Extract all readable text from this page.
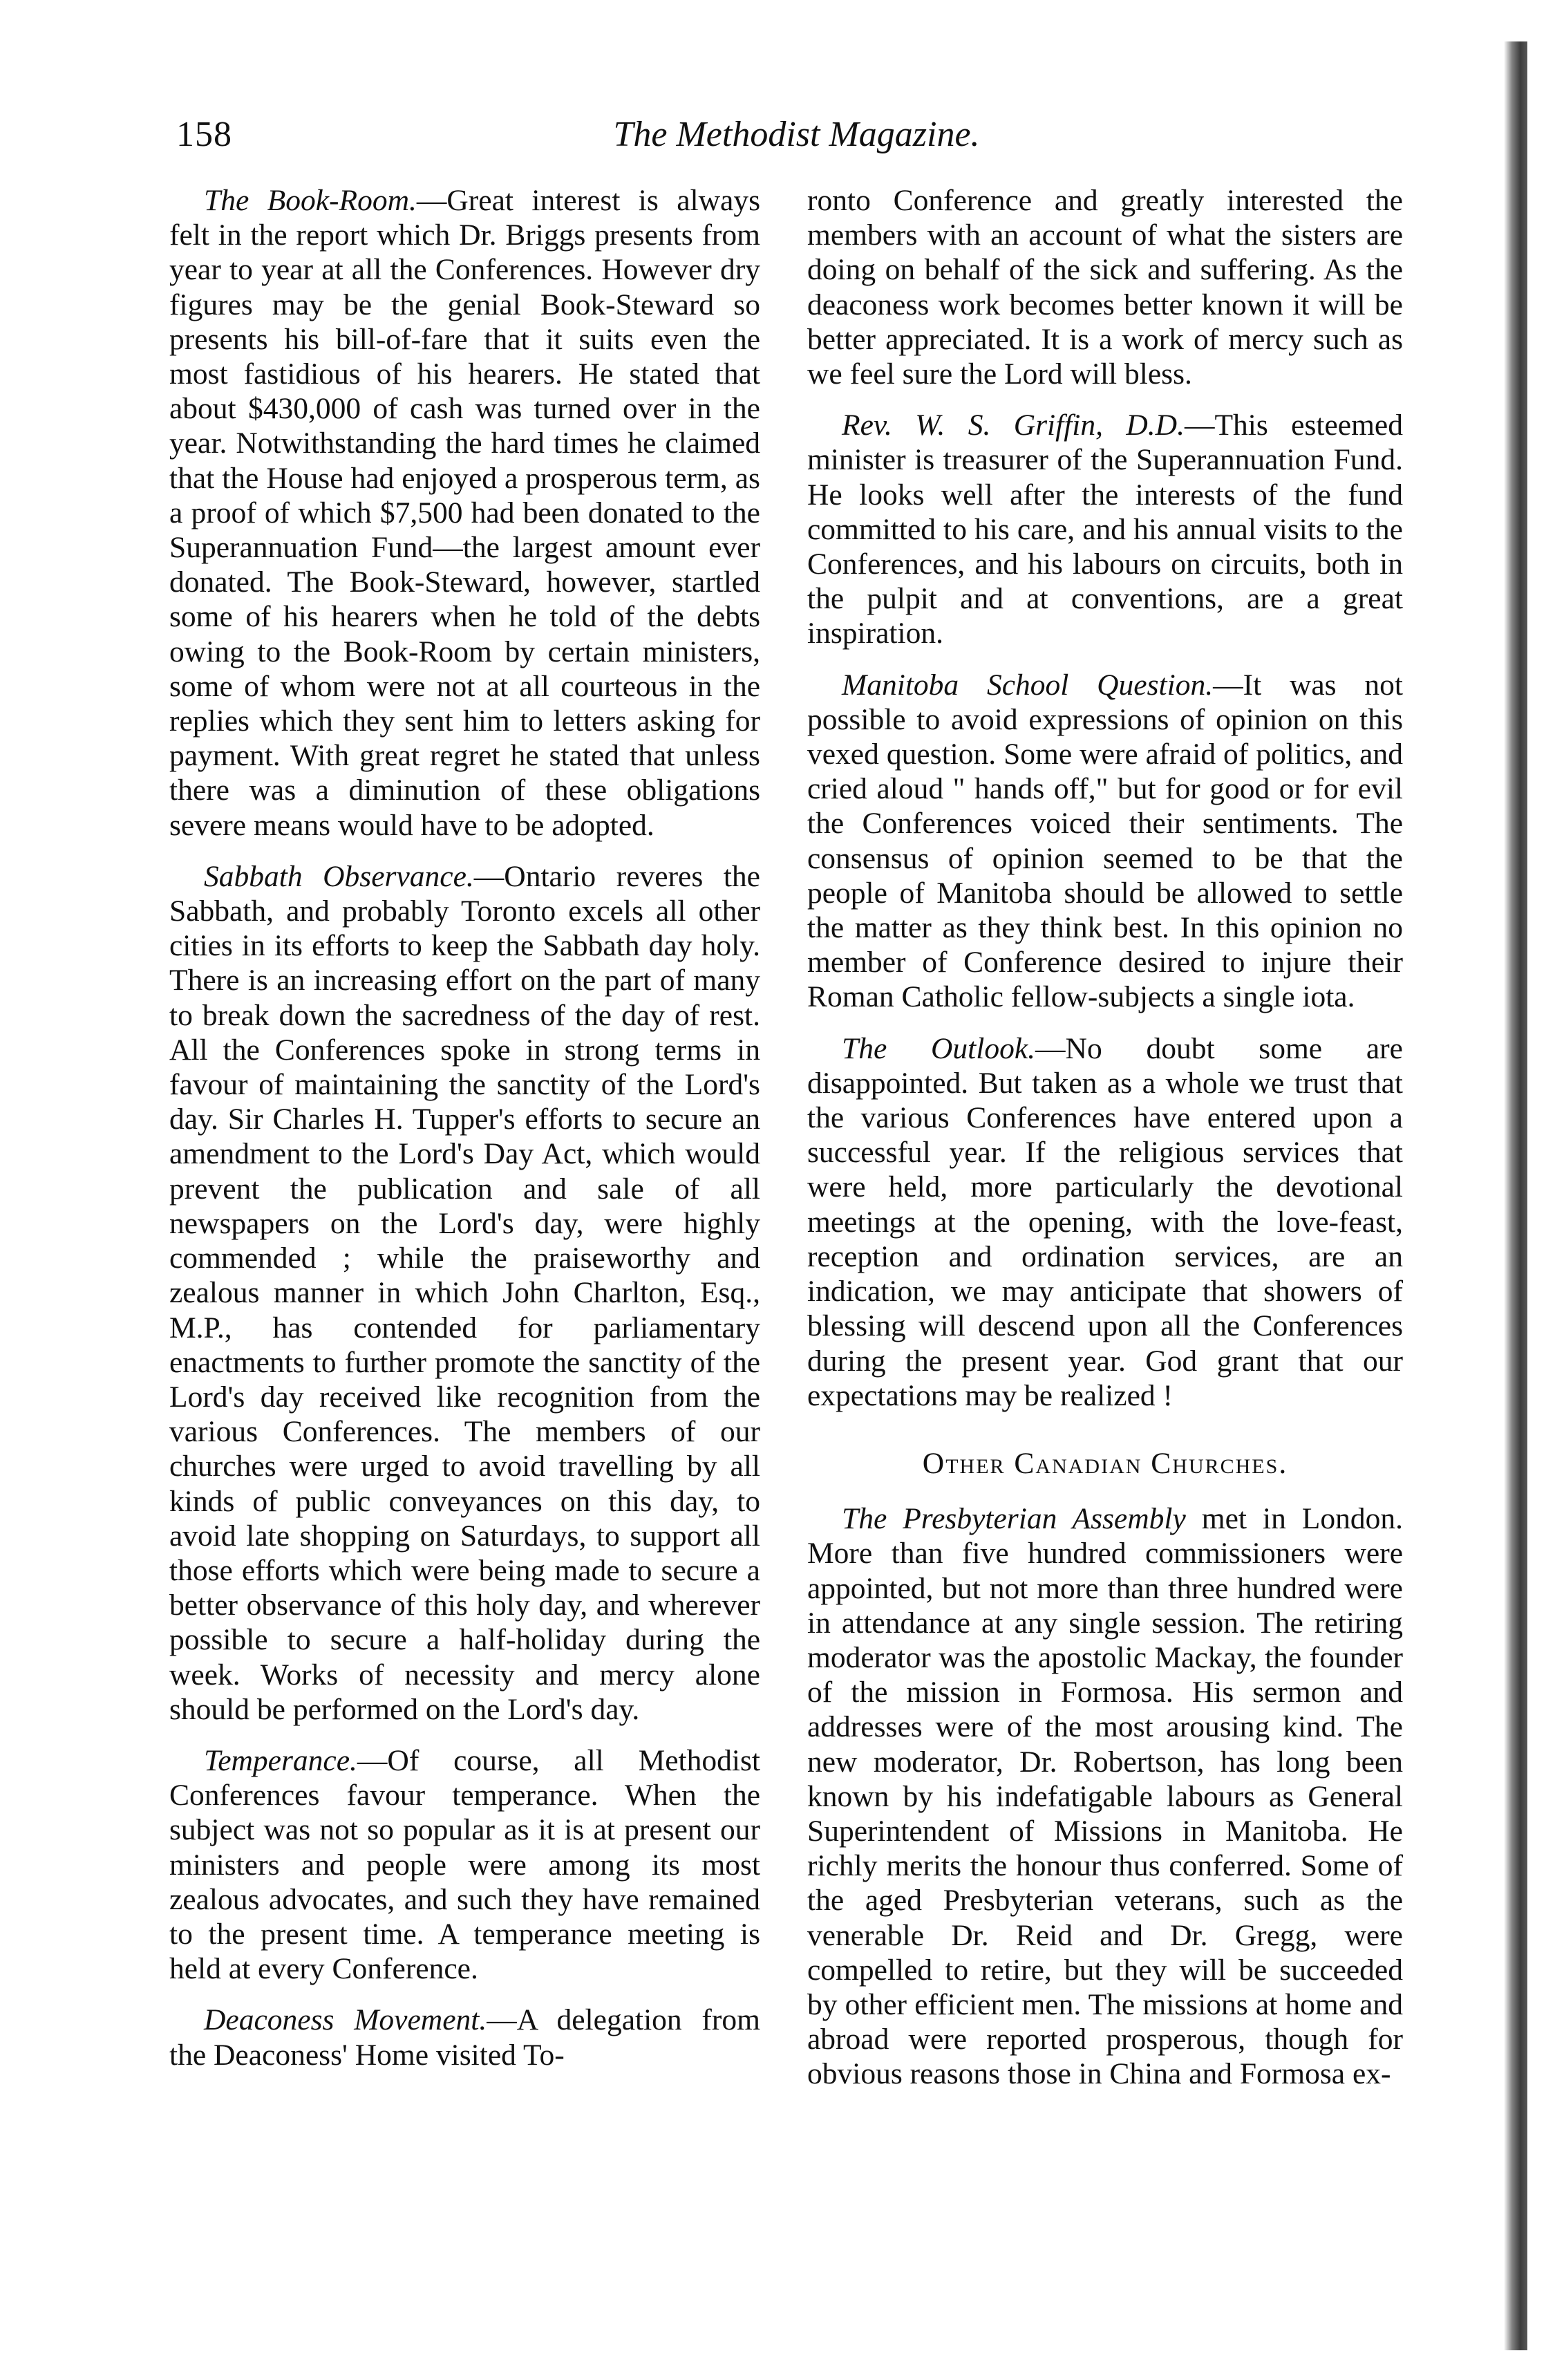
158	The Methodist Magazine.

The Book-Room.—Great interest is always felt in the report which Dr. Briggs presents from year to year at all the Conferences. However dry figures may be the genial Book-Steward so presents his bill-of-fare that it suits even the most fastidious of his hearers. He stated that about $430,000 of cash was turned over in the year. Notwithstanding the hard times he claimed that the House had enjoyed a prosperous term, as a proof of which $7,500 had been donated to the Superannuation Fund—the largest amount ever donated. The Book-Steward, however, startled some of his hearers when he told of the debts owing to the Book-Room by certain ministers, some of whom were not at all courteous in the replies which they sent him to letters asking for payment. With great regret he stated that unless there was a diminution of these obligations severe means would have to be adopted.

Sabbath Observance.—Ontario reveres the Sabbath, and probably Toronto excels all other cities in its efforts to keep the Sabbath day holy. There is an increasing effort on the part of many to break down the sacredness of the day of rest. All the Conferences spoke in strong terms in favour of maintaining the sanctity of the Lord's day. Sir Charles H. Tupper's efforts to secure an amendment to the Lord's Day Act, which would prevent the publication and sale of all newspapers on the Lord's day, were highly commended ; while the praiseworthy and zealous manner in which John Charlton, Esq., M.P., has contended for parliamentary enactments to further promote the sanctity of the Lord's day received like recognition from the various Conferences. The members of our churches were urged to avoid travelling by all kinds of public conveyances on this day, to avoid late shopping on Saturdays, to support all those efforts which were being made to secure a better observance of this holy day, and wherever possible to secure a half-holiday during the week. Works of necessity and mercy alone should be performed on the Lord's day.

Temperance.—Of course, all Methodist Conferences favour temperance. When the subject was not so popular as it is at present our ministers and people were among its most zealous advocates, and such they have remained to the present time. A temperance meeting is held at every Conference.

Deaconess Movement.—A delegation from the Deaconess' Home visited To-

ronto Conference and greatly interested the members with an account of what the sisters are doing on behalf of the sick and suffering. As the deaconess work becomes better known it will be better appreciated. It is a work of mercy such as we feel sure the Lord will bless.

Rev. W. S. Griffin, D.D.—This esteemed minister is treasurer of the Superannuation Fund. He looks well after the interests of the fund committed to his care, and his annual visits to the Conferences, and his labours on circuits, both in the pulpit and at conventions, are a great inspiration.

Manitoba School Question.—It was not possible to avoid expressions of opinion on this vexed question. Some were afraid of politics, and cried aloud " hands off," but for good or for evil the Conferences voiced their sentiments. The consensus of opinion seemed to be that the people of Manitoba should be allowed to settle the matter as they think best. In this opinion no member of Conference desired to injure their Roman Catholic fellow-subjects a single iota.

The Outlook.—No doubt some are disappointed. But taken as a whole we trust that the various Conferences have entered upon a successful year. If the religious services that were held, more particularly the devotional meetings at the opening, with the love-feast, reception and ordination services, are an indication, we may anticipate that showers of blessing will descend upon all the Conferences during the present year. God grant that our expectations may be realized !

Other Canadian Churches.

The Presbyterian Assembly met in London. More than five hundred commissioners were appointed, but not more than three hundred were in attendance at any single session. The retiring moderator was the apostolic Mackay, the founder of the mission in Formosa. His sermon and addresses were of the most arousing kind. The new moderator, Dr. Robertson, has long been known by his indefatigable labours as General Superintendent of Missions in Manitoba. He richly merits the honour thus conferred. Some of the aged Presbyterian veterans, such as the venerable Dr. Reid and Dr. Gregg, were compelled to retire, but they will be succeeded by other efficient men. The missions at home and abroad were reported prosperous, though for obvious reasons those in China and Formosa ex-
